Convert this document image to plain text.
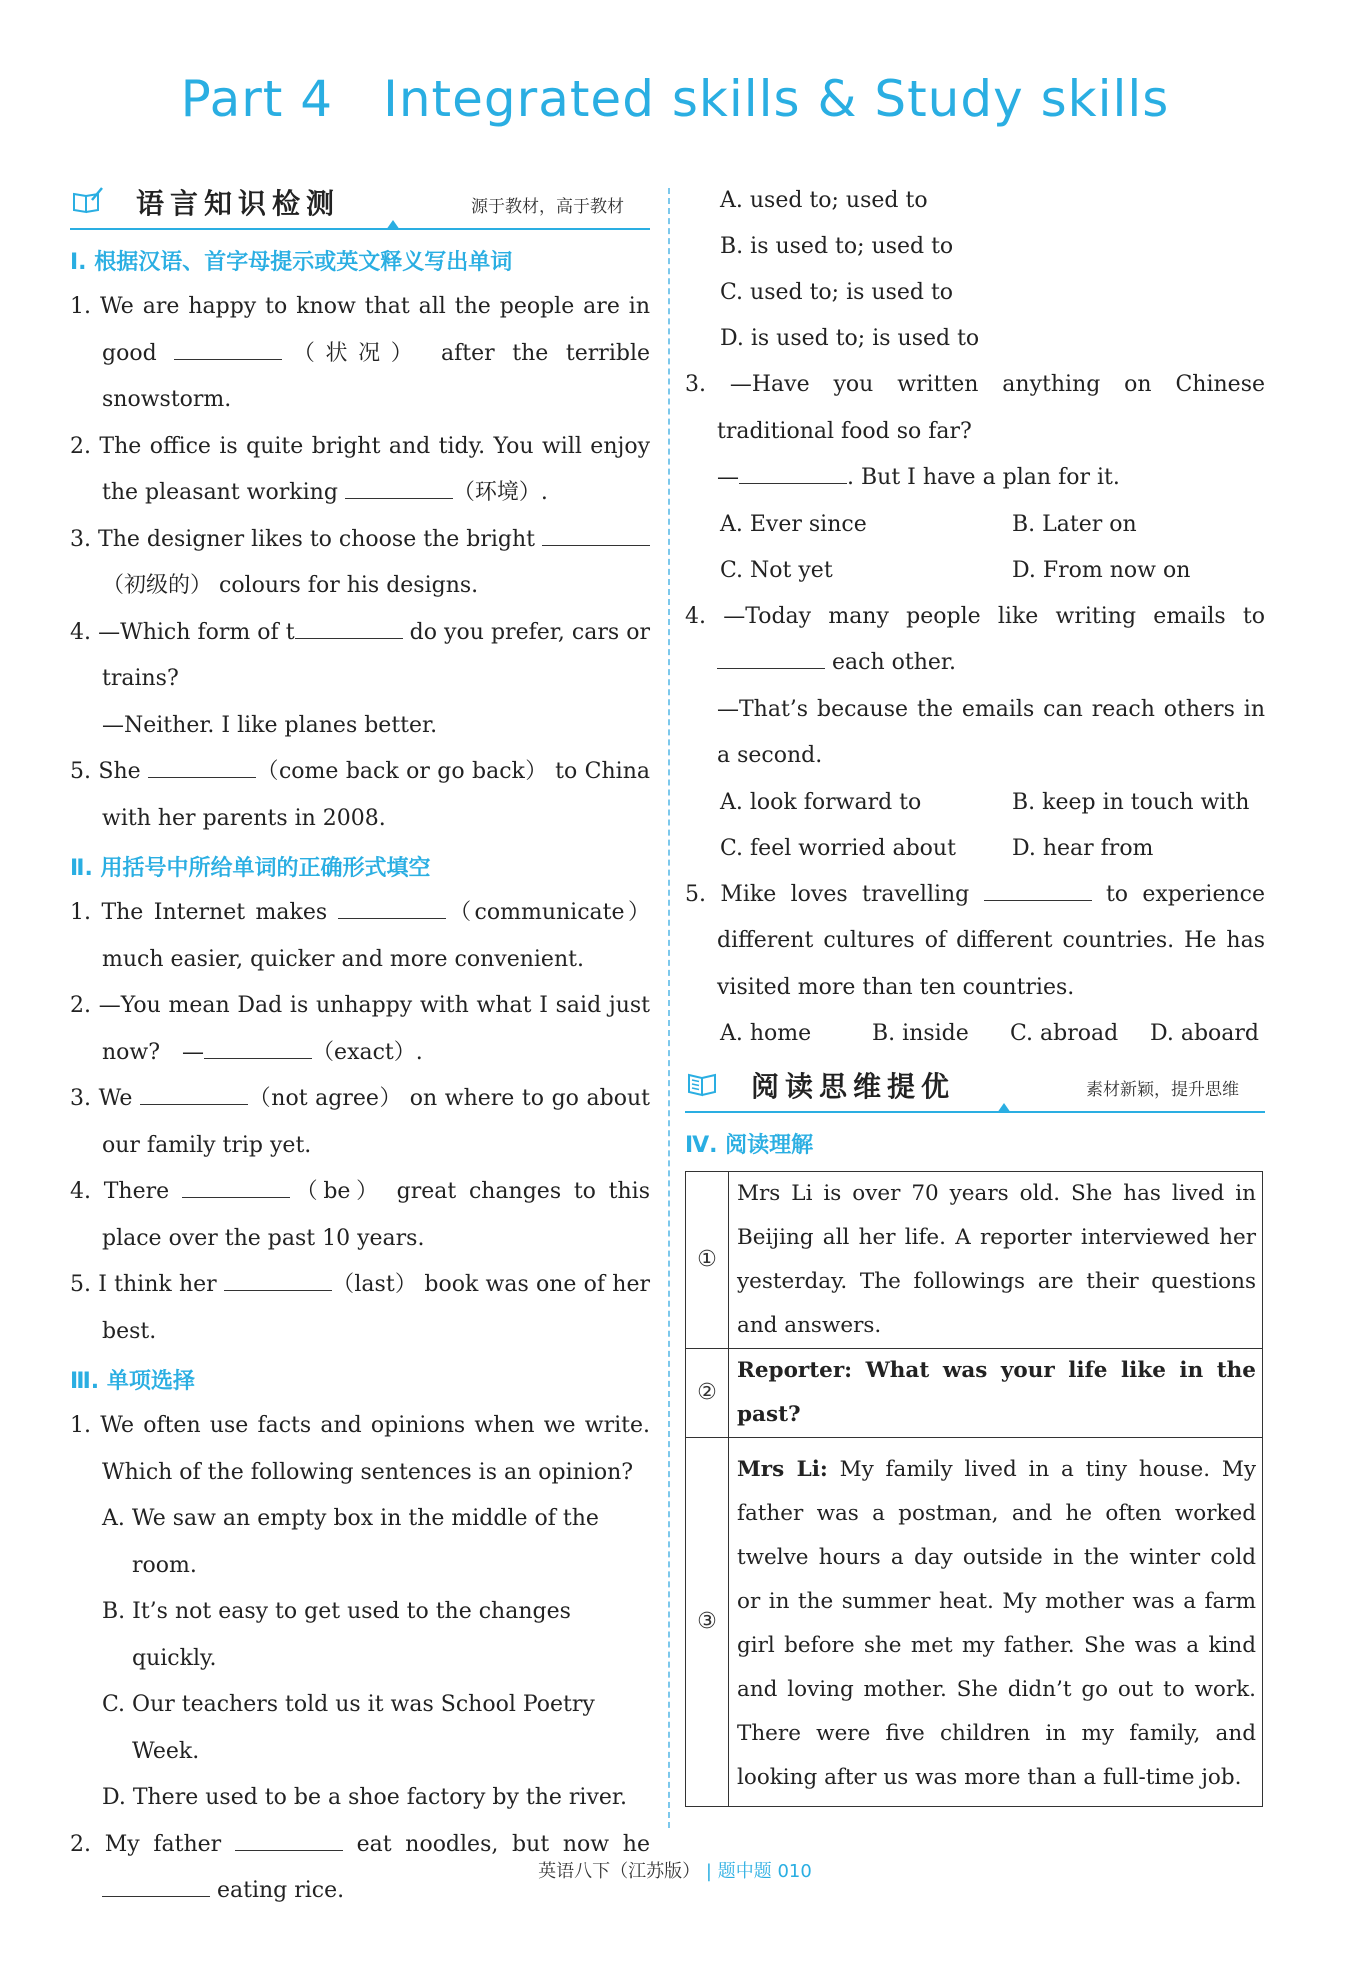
Part 4 Integrated skills & Study skills
语言知识检测	源于教材，高于教材
Ⅰ. 根据汉语、首字母提示或英文释义写出单词
1. We are happy to know that all the people are in good	（状况） after the terrible snowstorm.
2. The office is quite bright and tidy. You will enjoy the pleasant working	（环境）.
3. The designer likes to choose the bright （初级的） colours for his designs.
4. —Which form of t	do you prefer, cars or trains?
—Neither. I like planes better.
5. She	（come back or go back） to China with her parents in 2008.
Ⅱ. 用括号中所给单词的正确形式填空
1. The Internet makes	（communicate） much easier, quicker and more convenient.
2. —You mean Dad is unhappy with what I said just now?　—	（exact）.
3. We	（not agree） on where to go about our family trip yet.
4. There	（be） great changes to this place over the past 10 years.
5. I think her	（last） book was one of her best.
Ⅲ. 单项选择
1. We often use facts and opinions when we write. Which of the following sentences is an opinion?
A. We saw an empty box in the middle of the room.
B. It’s not easy to get used to the changes quickly.
C. Our teachers told us it was School Poetry Week.
D. There used to be a shoe factory by the river.
2. My father	eat noodles, but now he  eating rice.
A. used to; used to
B. is used to; used to
C. used to; is used to
D. is used to; is used to
3. —Have you written anything on Chinese traditional food so far?
—	. But I have a plan for it.
A. Ever since	B. Later on
C. Not yet	D. From now on
4. —Today many people like writing emails to  each other.
—That’s because the emails can reach others in a second.
A. look forward to	B. keep in touch with
C. feel worried about	D. hear from
5. Mike loves travelling	to experience different cultures of different countries. He has visited more than ten countries.
A. home	B. inside	C. abroad	D. aboard
阅读思维提优	素材新颖，提升思维
Ⅳ. 阅读理解
①	Mrs Li is over 70 years old. She has lived in Beijing all her life. A reporter interviewed her yesterday. The followings are their questions and answers.
②	Reporter: What was your life like in the past?
③	Mrs Li: My family lived in a tiny house. My father was a postman, and he often worked twelve hours a day outside in the winter cold or in the summer heat. My mother was a farm girl before she met my father. She was a kind and loving mother. She didn’t go out to work. There were five children in my family, and looking after us was more than a full-time job.
英语八下（江苏版） | 题中题 010
